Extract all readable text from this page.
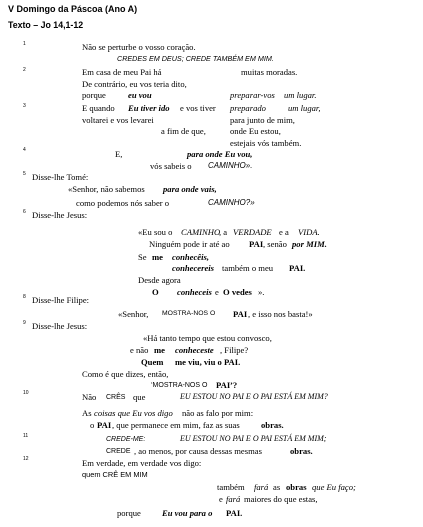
V Domingo da Páscoa (Ano A)
Texto – Jo 14,1-12
1
2
3
4
5
6
8
9
10
11
12
Não se perturbe o vosso coração.
CREDES EM DEUS; CREDE TAMBÉM EM MIM.
Em casa de meu Pai há	muitas moradas.
De contrário, eu vos teria dito,
porque	eu vou	preparar-vos um lugar.
E quando Eu tiver ido e vos tiver preparado	um lugar,
voltarei e vos levarei	para junto de mim,
a fim de que,	onde Eu estou,
estejais vós também.
E,	para onde Eu vou,
vós sabeis o CAMINHO».
Disse-lhe Tomé:
«Senhor, não sabemos para onde vais,
como podemos nós saber o	CAMINHO?»
Disse-lhe Jesus:
«Eu sou o CAMINHO
, a VERDADE e a VIDA.
Ninguém pode ir até ao PAI , senão por MIM.
Se me conhecêis,
conhecereis também o meu PAI.
Desde agora
O conheceis e O vedes ».
Disse-lhe Filipe:
«Senhor, MOSTRA-NOS O PAI , e isso nos basta!»
Disse-lhe Jesus:
«Há tanto tempo que estou convosco,
e não me conheceste , Filipe?
Quem me viu, viu o PAI.
Como é que dizes, então,
‘MOSTRA-NOS O PAI ’?
Não CRÊS que	EU ESTOU NO PAI E O PAI ESTÁ EM MIM?
As coisas que Eu vos digo não as falo por mim:
o PAI , que permanece em mim, faz as suas obras.
CREDE-ME:	EU ESTOU NO PAI E O PAI ESTÁ EM MIM;
CREDE , ao menos, por causa dessas mesmas	obras.
Em verdade, em verdade vos digo:
quem CRÊ EM MIM
também fará as obras que Eu faço;
e fará maiores do que estas,
porque Eu vou para o PAI.
